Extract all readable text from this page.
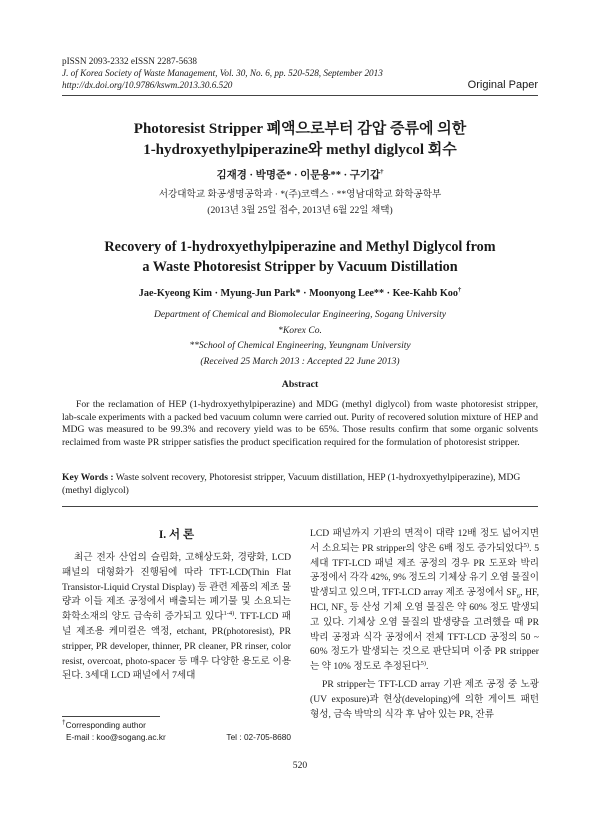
pISSN 2093-2332 eISSN 2287-5638
J. of Korea Society of Waste Management, Vol. 30, No. 6, pp. 520-528, September 2013
http://dx.doi.org/10.9786/kswm.2013.30.6.520	Original Paper
Photoresist Stripper 폐액으로부터 감압 증류에 의한
1-hydroxyethylpiperazine와 methyl diglycol 회수
김재경 · 박명준* · 이문용** · 구기갑†
서강대학교 화공생명공학과 · *(주)코렉스 · **영남대학교 화학공학부
(2013년 3월 25일 접수, 2013년 6월 22일 채택)
Recovery of 1-hydroxyethylpiperazine and Methyl Diglycol from
a Waste Photoresist Stripper by Vacuum Distillation
Jae-Kyeong Kim · Myung-Jun Park* · Moonyong Lee** · Kee-Kahb Koo†
Department of Chemical and Biomolecular Engineering, Sogang University
*Korex Co.
**School of Chemical Engineering, Yeungnam University
(Received 25 March 2013 : Accepted 22 June 2013)
Abstract
For the reclamation of HEP (1-hydroxyethylpiperazine) and MDG (methyl diglycol) from waste photoresist stripper, lab-scale experiments with a packed bed vacuum column were carried out. Purity of recovered solution mixture of HEP and MDG was measured to be 99.3% and recovery yield was to be 65%. Those results confirm that some organic solvents reclaimed from waste PR stripper satisfies the product specification required for the formulation of photoresist stripper.
Key Words : Waste solvent recovery, Photoresist stripper, Vacuum distillation, HEP (1-hydroxyethylpiperazine), MDG (methyl diglycol)
I. 서 론

최근 전자 산업의 슬림화, 고해상도화, 경량화, LCD 패널의 대형화가 진행됨에 따라 TFT-LCD(Thin Flat Transistor-Liquid Crystal Display) 등 관련 제품의 제조 물량과 이들 제조 공정에서 배출되는 폐기물 및 소요되는 화학소재의 양도 급속히 증가되고 있다$^{1-4)}$. TFT-LCD 패널 제조용 케미컬은 액정, etchant, PR(photoresist), PR stripper, PR developer, thinner, PR cleaner, PR rinser, color resist, overcoat, photo-spacer 등 매우 다양한 용도로 이용된다. 3세대 LCD 패널에서 7세대

LCD 패널까지 기판의 면적이 대략 12배 정도 넓어지면서 소요되는 PR stripper의 양은 6배 정도 증가되었다$^{5)}$. 5세대 TFT-LCD 패널 제조 공정의 경우 PR 도포와 박리 공정에서 각각 42%, 9% 정도의 기체상 유기 오염 물질이 발생되고 있으며, TFT-LCD array 제조 공정에서 $SF_6$, HF, HCl, $NF_3$ 등 산성 기체 오염 물질은 약 60% 정도 발생되고 있다. 기체상 오염 물질의 발생량을 고려했을 때 PR 박리 공정과 식각 공정에서 전체 TFT-LCD 공정의 50 ~ 60% 정도가 발생되는 것으로 판단되며 이중 PR stripper는 약 10% 정도로 추정된다$^{5)}$.

PR stripper는 TFT-LCD array 기판 제조 공정 중 노광(UV exposure)과 현상(developing)에 의한 게이트 패턴 형성, 금속 박막의 식각 후 남아 있는 PR, 잔류

†Corresponding author
E-mail : koo@sogang.ac.kr	Tel : 02-705-8680
520
